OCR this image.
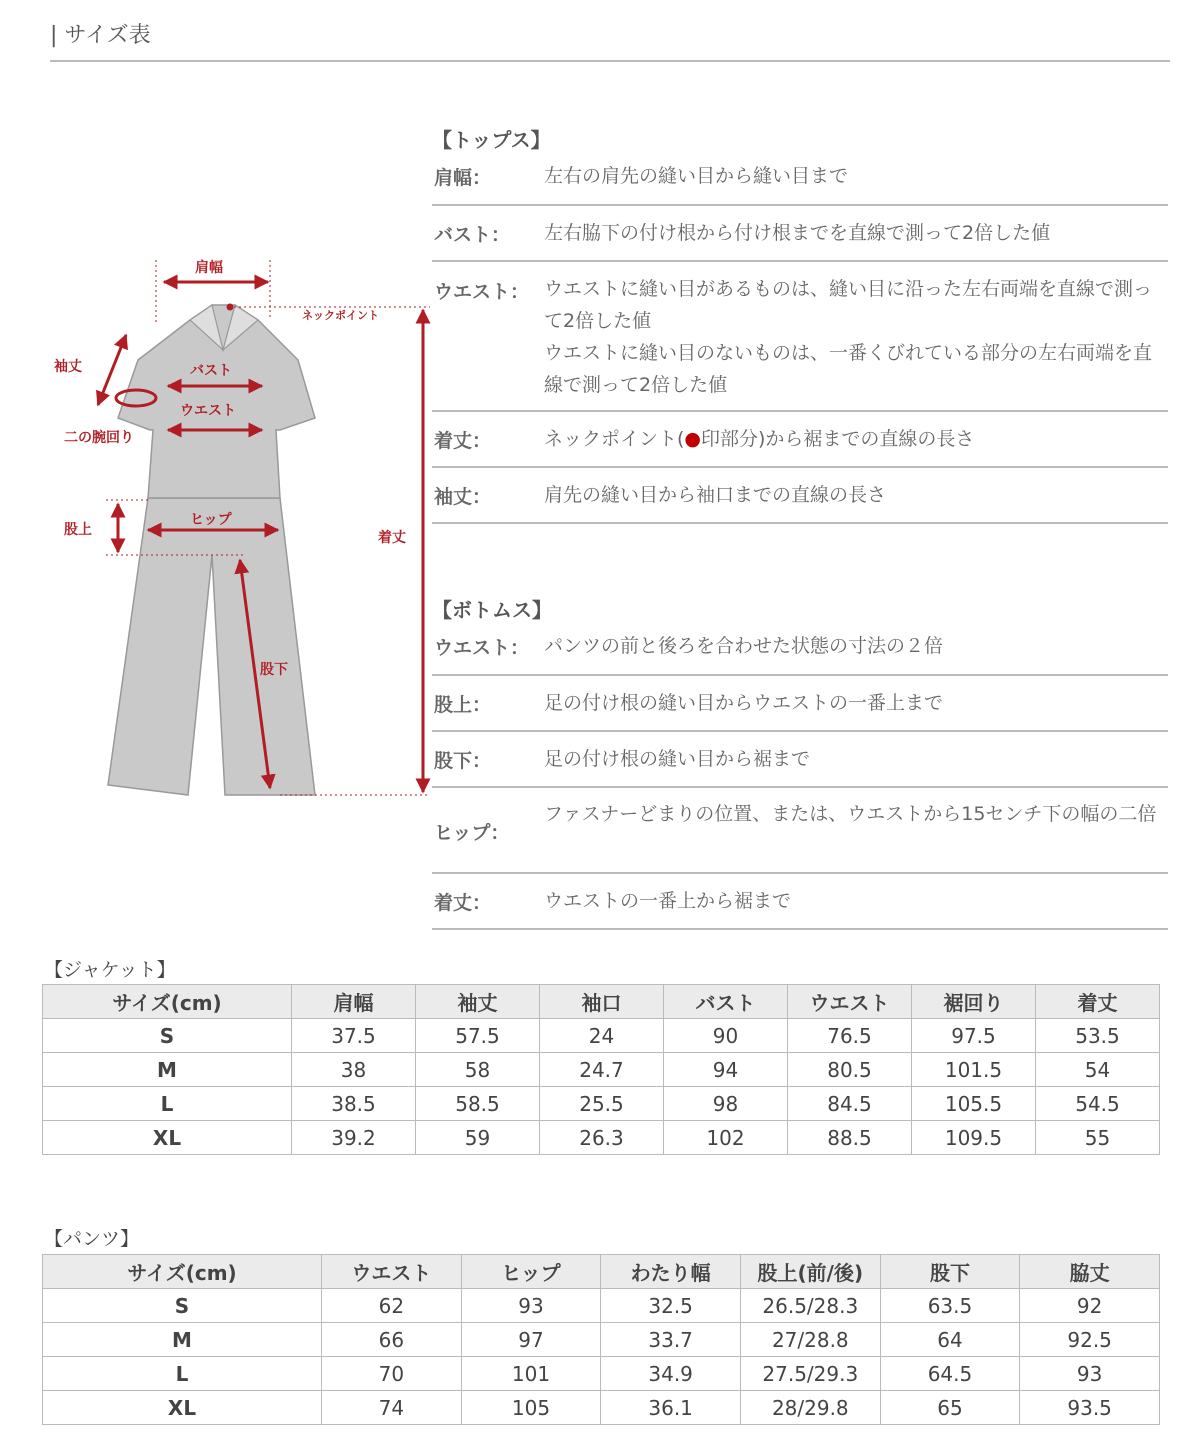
| サイズ表
肩幅
ネックポイント
袖丈	バスト
ウエスト
二の腕回り
股上
ヒップ
着丈
股下
【トップス】
肩幅：	左右の肩先の縫い目から縫い目まで
バスト： 左右脇下の付け根から付け根までを直線で測って2倍した値
ウエスト： ウエストに縫い目があるものは、縫い目に沿った左右両端を直線で測って2倍した値
ウエストに縫い目のないものは、一番くびれている部分の左右両端を直線で測って2倍した値
着丈：	ネックポイント(●印部分)から裾までの直線の長さ
袖丈：	肩先の縫い目から袖口までの直線の長さ
【ボトムス】
ウエスト： パンツの前と後ろを合わせた状態の寸法の２倍
股上：	足の付け根の縫い目からウエストの一番上まで
股下：	足の付け根の縫い目から裾まで
ヒップ：
ファスナーどまりの位置、または、ウエストから15センチ下の幅の二倍
着丈：	ウエストの一番上から裾まで
【ジャケット】
サイズ(cm)	肩幅	袖丈	袖口	バスト	ウエスト	裾回り	着丈
S	37.5	57.5	24	90	76.5	97.5	53.5
M	38	58	24.7	94	80.5	101.5	54
L	38.5	58.5	25.5	98	84.5	105.5	54.5
XL	39.2	59	26.3	102	88.5	109.5	55
【パンツ】
サイズ(cm)	ウエスト	ヒップ	わたり幅	股上(前/後)	股下	脇丈
S	62	93	32.5	26.5/28.3	63.5	92
M	66	97	33.7	27/28.8	64	92.5
L	70	101	34.9	27.5/29.3	64.5	93
XL	74	105	36.1	28/29.8	65	93.5
